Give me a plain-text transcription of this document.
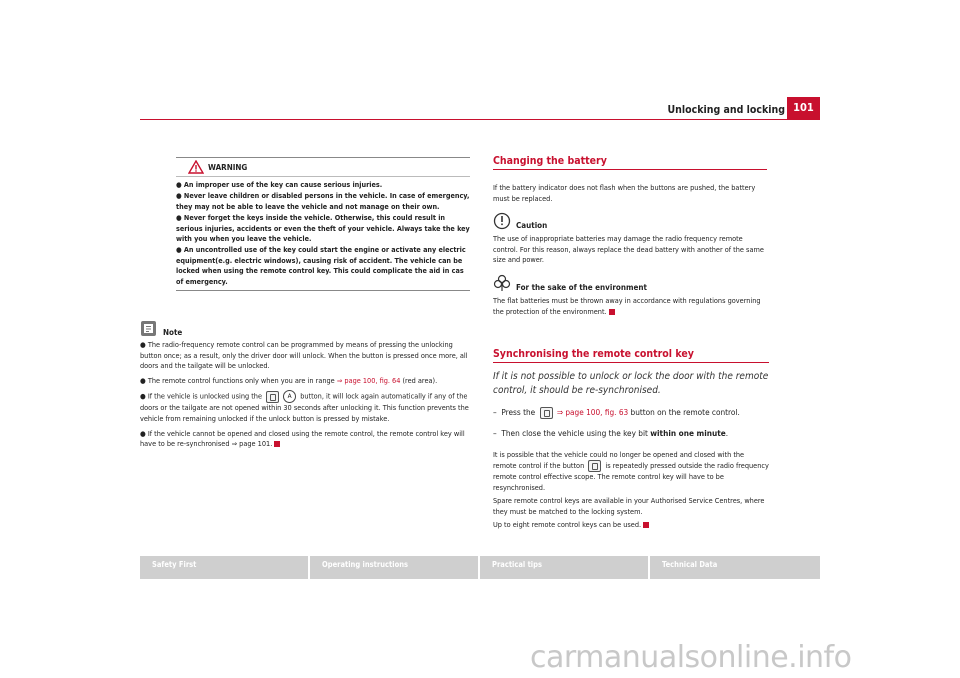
Unlocking and locking 101
WARNING
● An improper use of the key can cause serious injuries.
● Never leave children or disabled persons in the vehicle. In case of emergency, they may not be able to leave the vehicle and not manage on their own.
● Never forget the keys inside the vehicle. Otherwise, this could result in serious injuries, accidents or even the theft of your vehicle. Always take the key with you when you leave the vehicle.
● An uncontrolled use of the key could start the engine or activate any electric equipment(e.g. electric windows), causing risk of accident. The vehicle can be locked when using the remote control key. This could complicate the aid in cas of emergency.
Note

● The radio-frequency remote control can be programmed by means of pressing the unlocking button once; as a result, only the driver door will unlock. When the button is pressed once more, all doors and the tailgate will be unlocked.

● The remote control functions only when you are in range ⇒ page 100, fig. 64 (red area).

● If the vehicle is unlocked using the	A button, it will lock again automatically if any of the doors or the tailgate are not opened within 30 seconds after unlocking it. This function prevents the vehicle from remaining unlocked if the unlock button is pressed by mistake.

● If the vehicle cannot be opened and closed using the remote control, the remote control key will have to be re-synchronised ⇒ page 101.

Changing the battery
If the battery indicator does not flash when the buttons are pushed, the battery must be replaced.
Caution
The use of inappropriate batteries may damage the radio frequency remote control. For this reason, always replace the dead battery with another of the same size and power.
For the sake of the environment
The flat batteries must be thrown away in accordance with regulations governing the protection of the environment.
Synchronising the remote control key
If it is not possible to unlock or lock the door with the remote control, it should be re-synchronised.
–  Press the	⇒ page 100, fig. 63 button on the remote control.
–  Then close the vehicle using the key bit within one minute.
It is possible that the vehicle could no longer be opened and closed with the remote control if the button  is repeatedly pressed outside the radio frequency remote control effective scope. The remote control key will have to be resynchronised.
Spare remote control keys are available in your Authorised Service Centres, where they must be matched to the locking system.
Up to eight remote control keys can be used.
Safety First	Operating instructions	Practical tips	Technical Data
carmanualsonline.info
